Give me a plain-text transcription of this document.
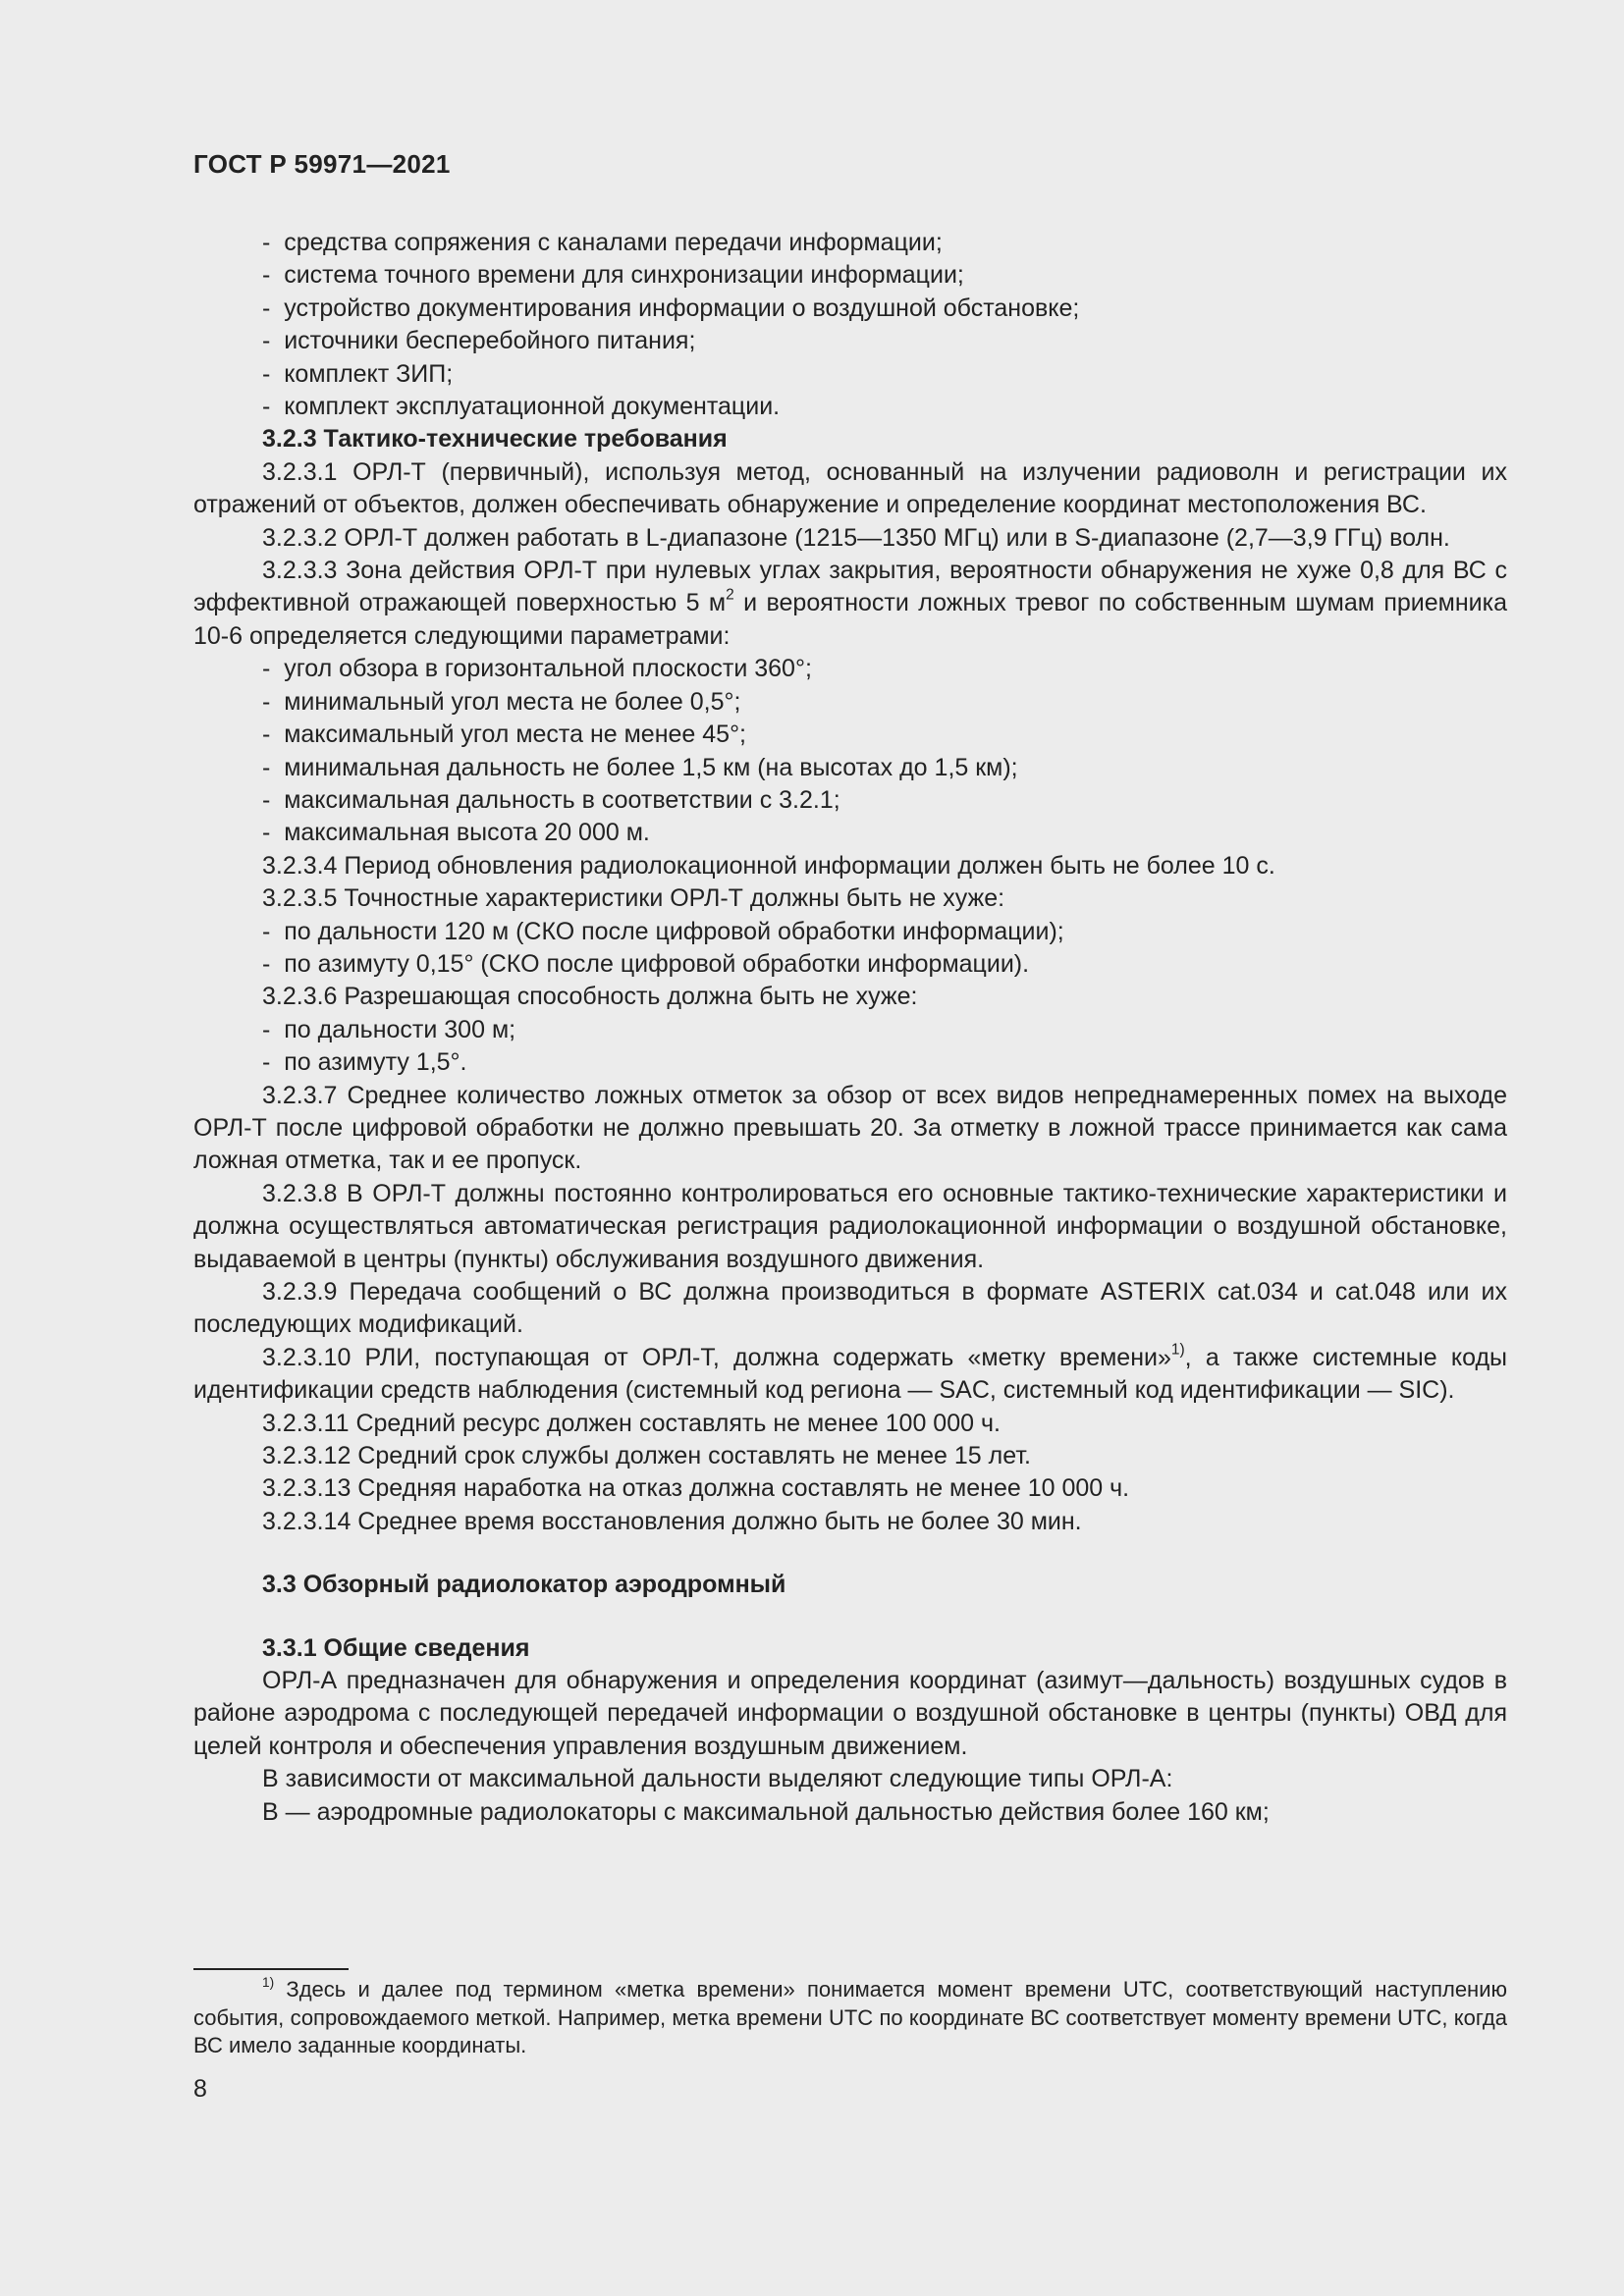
ГОСТ Р 59971—2021

-  средства сопряжения с каналами передачи информации;

-  система точного времени для синхронизации информации;

-  устройство документирования информации о воздушной обстановке;

-  источники бесперебойного питания;

-  комплект ЗИП;

-  комплект эксплуатационной документации.

3.2.3 Тактико-технические требования

3.2.3.1 ОРЛ-Т (первичный), используя метод, основанный на излучении радиоволн и регистрации их отражений от объектов, должен обеспечивать обнаружение и определение координат местоположения ВС.

3.2.3.2 ОРЛ-Т должен работать в L-диапазоне (1215—1350 МГц) или в S-диапазоне (2,7—3,9 ГГц) волн.

3.2.3.3 Зона действия ОРЛ-Т при нулевых углах закрытия, вероятности обнаружения не хуже 0,8 для ВС с эффективной отражающей поверхностью 5 $м^2$ и вероятности ложных тревог по собственным шумам приемника 10-6 определяется следующими параметрами:

-  угол обзора в горизонтальной плоскости 360°;

-  минимальный угол места не более 0,5°;

-  максимальный угол места не менее 45°;

-  минимальная дальность не более 1,5 км (на высотах до 1,5 км);

-  максимальная дальность в соответствии с 3.2.1;

-  максимальная высота 20 000 м.

3.2.3.4 Период обновления радиолокационной информации должен быть не более 10 с.

3.2.3.5 Точностные характеристики ОРЛ-Т должны быть не хуже:

-  по дальности 120 м (СКО после цифровой обработки информации);

-  по азимуту 0,15° (СКО после цифровой обработки информации).

3.2.3.6 Разрешающая способность должна быть не хуже:

-  по дальности 300 м;

-  по азимуту 1,5°.

3.2.3.7 Среднее количество ложных отметок за обзор от всех видов непреднамеренных помех на выходе ОРЛ-Т после цифровой обработки не должно превышать 20. За отметку в ложной трассе принимается как сама ложная отметка, так и ее пропуск.

3.2.3.8 В ОРЛ-Т должны постоянно контролироваться его основные тактико-технические характеристики и должна осуществляться автоматическая регистрация радиолокационной информации о воздушной обстановке, выдаваемой в центры (пункты) обслуживания воздушного движения.

3.2.3.9 Передача сообщений о ВС должна производиться в формате ASTERIX cat.034 и cat.048 или их последующих модификаций.

3.2.3.10 РЛИ, поступающая от ОРЛ-Т, должна содержать «метку времени»$^{1)}$, а также системные коды идентификации средств наблюдения (системный код региона — SAC, системный код идентификации — SIC).

3.2.3.11 Средний ресурс должен составлять не менее 100 000 ч.

3.2.3.12 Средний срок службы должен составлять не менее 15 лет.

3.2.3.13 Средняя наработка на отказ должна составлять не менее 10 000 ч.

3.2.3.14 Среднее время восстановления должно быть не более 30 мин.

3.3 Обзорный радиолокатор аэродромный

3.3.1 Общие сведения

ОРЛ-А предназначен для обнаружения и определения координат (азимут—дальность) воздушных судов в районе аэродрома с последующей передачей информации о воздушной обстановке в центры (пункты) ОВД для целей контроля и обеспечения управления воздушным движением.

В зависимости от максимальной дальности выделяют следующие типы ОРЛ-А:

В — аэродромные радиолокаторы с максимальной дальностью действия более 160 км;

$^{1)}$ Здесь и далее под термином «метка времени» понимается момент времени UTC, соответствующий наступлению события, сопровождаемого меткой. Например, метка времени UTC по координате ВС соответствует моменту времени UTC, когда ВС имело заданные координаты.

8
